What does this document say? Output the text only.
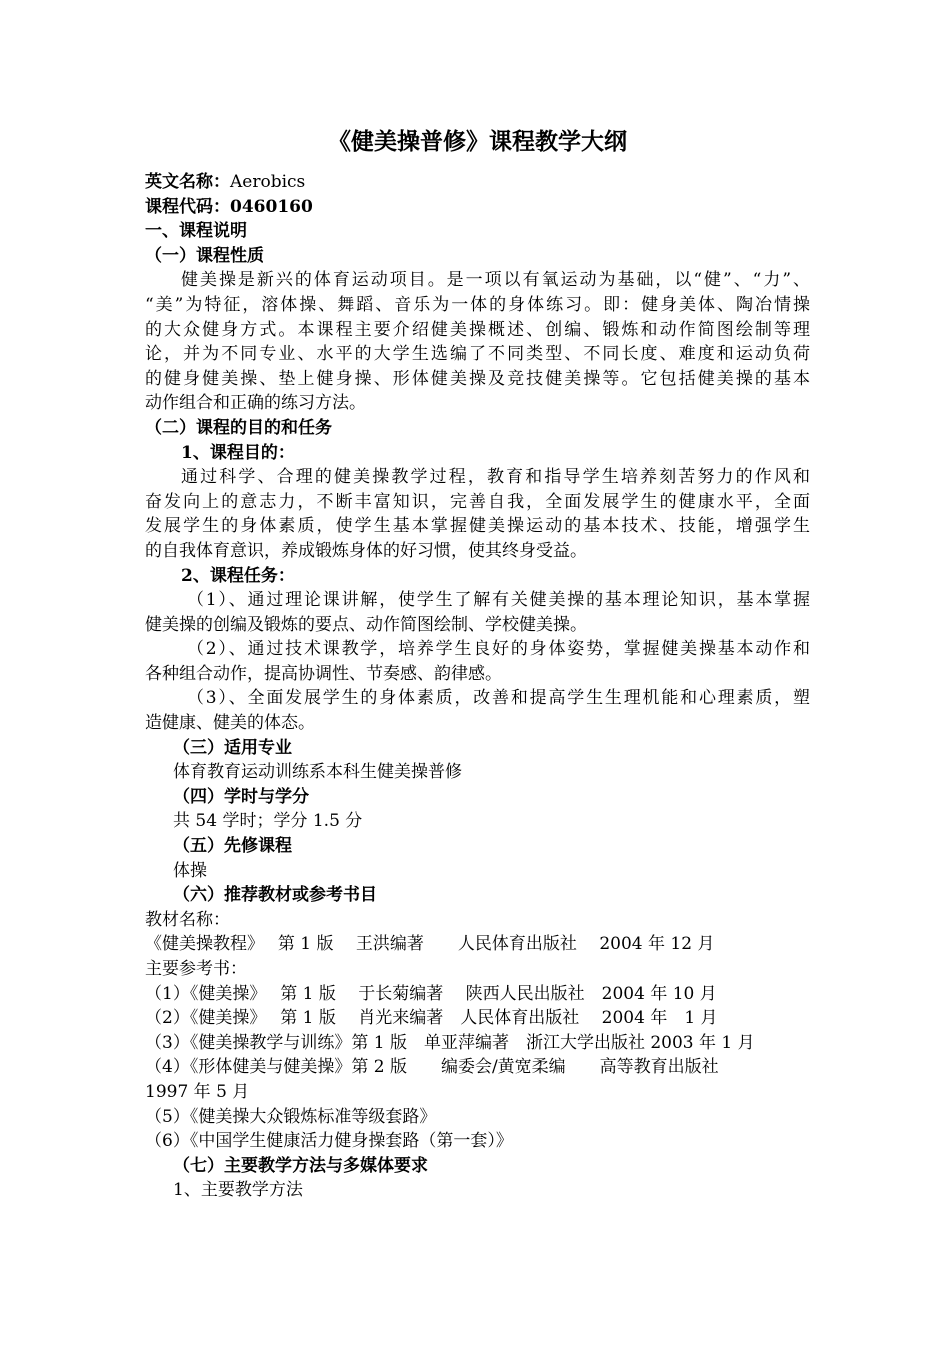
《健美操普修》课程教学大纲
英文名称：Aerobics
课程代码：0460160
一、课程说明
（一）课程性质
健美操是新兴的体育运动项目。是一项以有氧运动为基础，以“健”、“力”、
“美”为特征，溶体操、舞蹈、音乐为一体的身体练习。即：健身美体、陶冶情操
的大众健身方式。本课程主要介绍健美操概述、创编、锻炼和动作简图绘制等理
论，并为不同专业、水平的大学生选编了不同类型、不同长度、难度和运动负荷
的健身健美操、垫上健身操、形体健美操及竞技健美操等。它包括健美操的基本
动作组合和正确的练习方法。
（二）课程的目的和任务
1、课程目的：
通过科学、合理的健美操教学过程，教育和指导学生培养刻苦努力的作风和
奋发向上的意志力，不断丰富知识，完善自我，全面发展学生的健康水平，全面
发展学生的身体素质，使学生基本掌握健美操运动的基本技术、技能，增强学生
的自我体育意识，养成锻炼身体的好习惯，使其终身受益。
2、课程任务：
（1）、通过理论课讲解，使学生了解有关健美操的基本理论知识，基本掌握
健美操的创编及锻炼的要点、动作简图绘制、学校健美操。
（2）、通过技术课教学，培养学生良好的身体姿势，掌握健美操基本动作和
各种组合动作，提高协调性、节奏感、韵律感。
（3）、全面发展学生的身体素质，改善和提高学生生理机能和心理素质，塑
造健康、健美的体态。
（三）适用专业
体育教育运动训练系本科生健美操普修
（四）学时与学分
共 54 学时；学分 1.5 分
（五）先修课程
体操
（六）推荐教材或参考书目
教材名称：
《健美操教程》　 第 1 版　 王洪编著　　人民体育出版社　 2004 年 12 月
主要参考书：
（1）《健美操》　 第 1 版　 于长菊编著　 陕西人民出版社　2004 年 10 月
（2）《健美操》　 第 1 版　 肖光来编著　人民体育出版社　 2004 年　1 月
（3）《健美操教学与训练》第 1 版　单亚萍编著　浙江大学出版社 2003 年 1 月
（4）《形体健美与健美操》第 2 版　　编委会/黄宽柔编　　高等教育出版社
1997 年 5 月
（5）《健美操大众锻炼标准等级套路》
（6）《中国学生健康活力健身操套路（第一套）》
（七）主要教学方法与多媒体要求
1、主要教学方法
